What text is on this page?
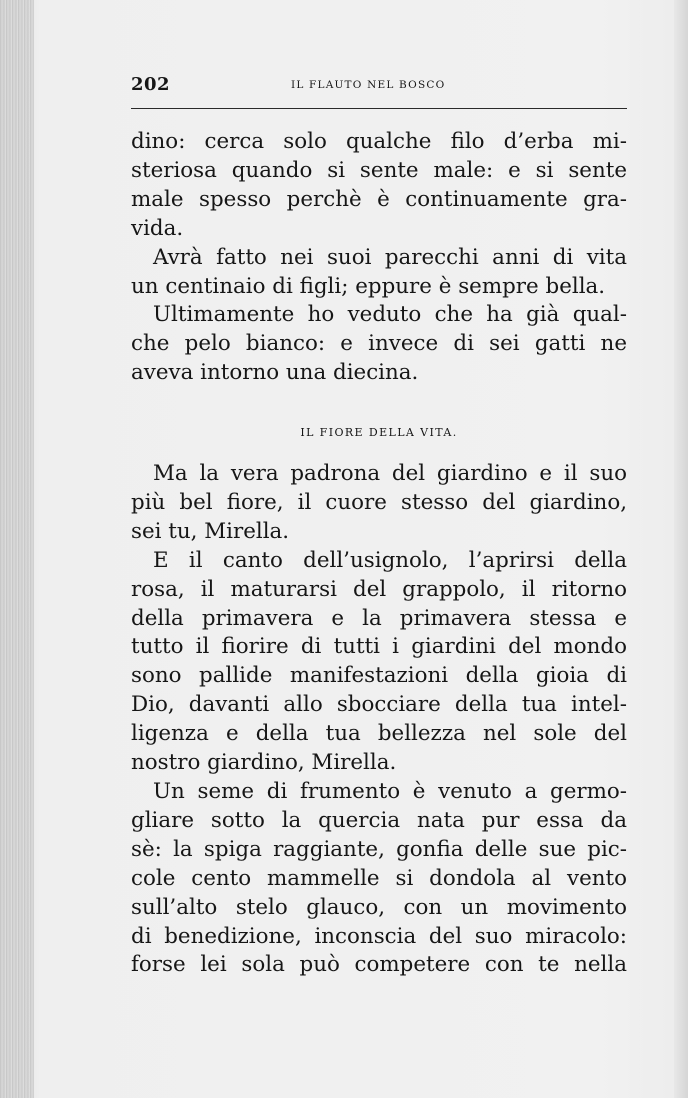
202	IL FLAUTO NEL BOSCO

dino: cerca solo qualche filo d’erba mi-
steriosa quando si sente male: e si sente
male spesso perchè è continuamente gra-
vida.

Avrà fatto nei suoi parecchi anni di vita
un centinaio di figli; eppure è sempre bella.

Ultimamente ho veduto che ha già qual-
che pelo bianco: e invece di sei gatti ne
aveva intorno una diecina.

IL FIORE DELLA VITA.

Ma la vera padrona del giardino e il suo
più bel fiore, il cuore stesso del giardino,
sei tu, Mirella.

E il canto dell’usignolo, l’aprirsi della
rosa, il maturarsi del grappolo, il ritorno
della primavera e la primavera stessa e
tutto il fiorire di tutti i giardini del mondo
sono pallide manifestazioni della gioia di
Dio, davanti allo sbocciare della tua intel-
ligenza e della tua bellezza nel sole del
nostro giardino, Mirella.

Un seme di frumento è venuto a germo-
gliare sotto la quercia nata pur essa da
sè: la spiga raggiante, gonfia delle sue pic-
cole cento mammelle si dondola al vento
sull’alto stelo glauco, con un movimento
di benedizione, inconscia del suo miracolo:
forse lei sola può competere con te nella
